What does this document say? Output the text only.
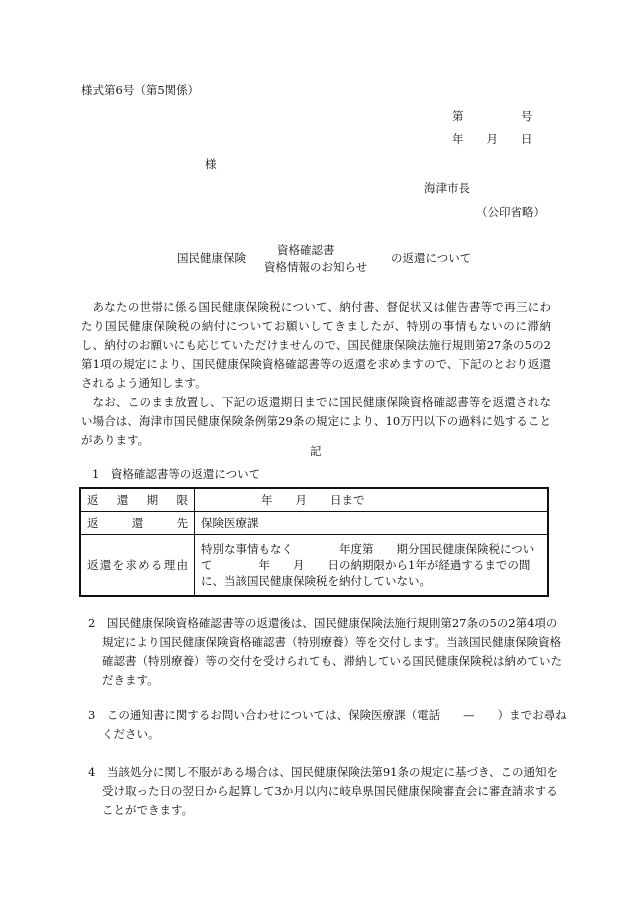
様式第6号（第5関係）
第　　　　　号
年　　月　　日
様
海津市長
（公印省略）
国民健康保険
資格確認書
資格情報のお知らせ
の返還について
あなたの世帯に係る国民健康保険税について、納付書、督促状又は催告書等で再三にわたり国民健康保険税の納付についてお願いしてきましたが、特別の事情もないのに滞納し、納付のお願いにも応じていただけませんので、国民健康保険法施行規則第27条の5の2第1項の規定により、国民健康保険資格確認書等の返還を求めますので、下記のとおり返還されるよう通知します。
なお、このまま放置し、下記の返還期日までに国民健康保険資格確認書等を返還されない場合は、海津市国民健康保険条例第29条の規定により、10万円以下の過料に処することがあります。
記
1　資格確認書等の返還について
返還期限	年　　月　　日まで
返還先	保険医療課
返還を求める理由	特別な事情もなく　　　　年度第　　期分国民健康保険税について　　　　年　　月　　日の納期限から1年が経過するまでの間に、当該国民健康保険税を納付していない。
2　国民健康保険資格確認書等の返還後は、国民健康保険法施行規則第27条の5の2第4項の規定により国民健康保険資格確認書（特別療養）等を交付します。当該国民健康保険資格確認書（特別療養）等の交付を受けられても、滞納している国民健康保険税は納めていただきます。
3　この通知書に関するお問い合わせについては、保険医療課（電話　　—　　）までお尋ねください。
4　当該処分に関し不服がある場合は、国民健康保険法第91条の規定に基づき、この通知を受け取った日の翌日から起算して3か月以内に岐阜県国民健康保険審査会に審査請求することができます。
